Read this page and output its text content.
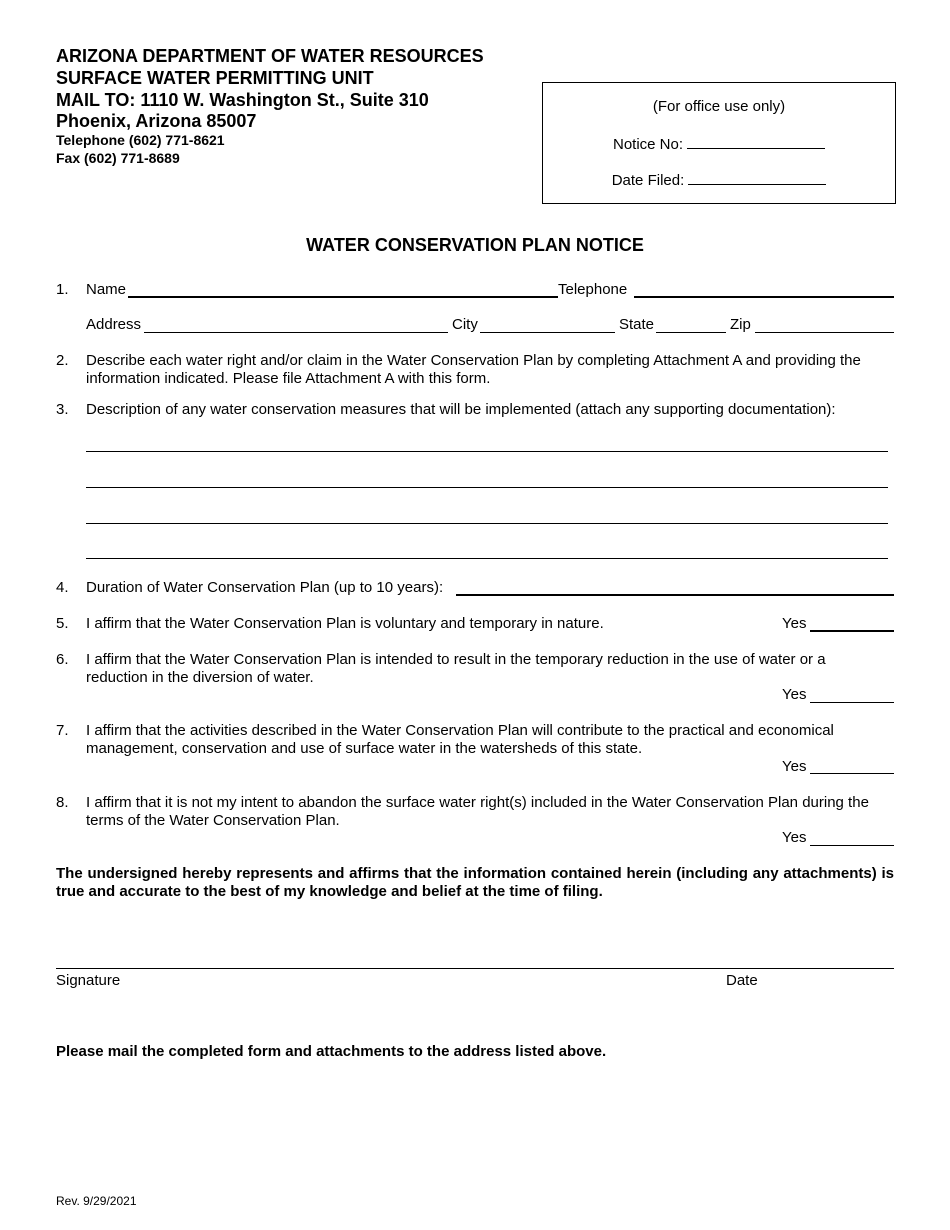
ARIZONA DEPARTMENT OF WATER RESOURCES
SURFACE WATER PERMITTING UNIT
MAIL TO: 1110 W. Washington St., Suite 310
Phoenix, Arizona 85007
Telephone (602) 771-8621
Fax (602) 771-8689
(For office use only)
Notice No:
Date Filed:
WATER CONSERVATION PLAN NOTICE
1. Name	Telephone
Address	City	State	Zip
2. Describe each water right and/or claim in the Water Conservation Plan by completing Attachment A and providing the information indicated. Please file Attachment A with this form.
3. Description of any water conservation measures that will be implemented (attach any supporting documentation):
4. Duration of Water Conservation Plan (up to 10 years):
5. I affirm that the Water Conservation Plan is voluntary and temporary in nature.	Yes
6. I affirm that the Water Conservation Plan is intended to result in the temporary reduction in the use of water or a reduction in the diversion of water.
Yes
7. I affirm that the activities described in the Water Conservation Plan will contribute to the practical and economical management, conservation and use of surface water in the watersheds of this state.
Yes
8. I affirm that it is not my intent to abandon the surface water right(s) included in the Water Conservation Plan during the terms of the Water Conservation Plan.
Yes
The undersigned hereby represents and affirms that the information contained herein (including any attachments) is true and accurate to the best of my knowledge and belief at the time of filing.
Signature	Date
Please mail the completed form and attachments to the address listed above.
Rev. 9/29/2021
